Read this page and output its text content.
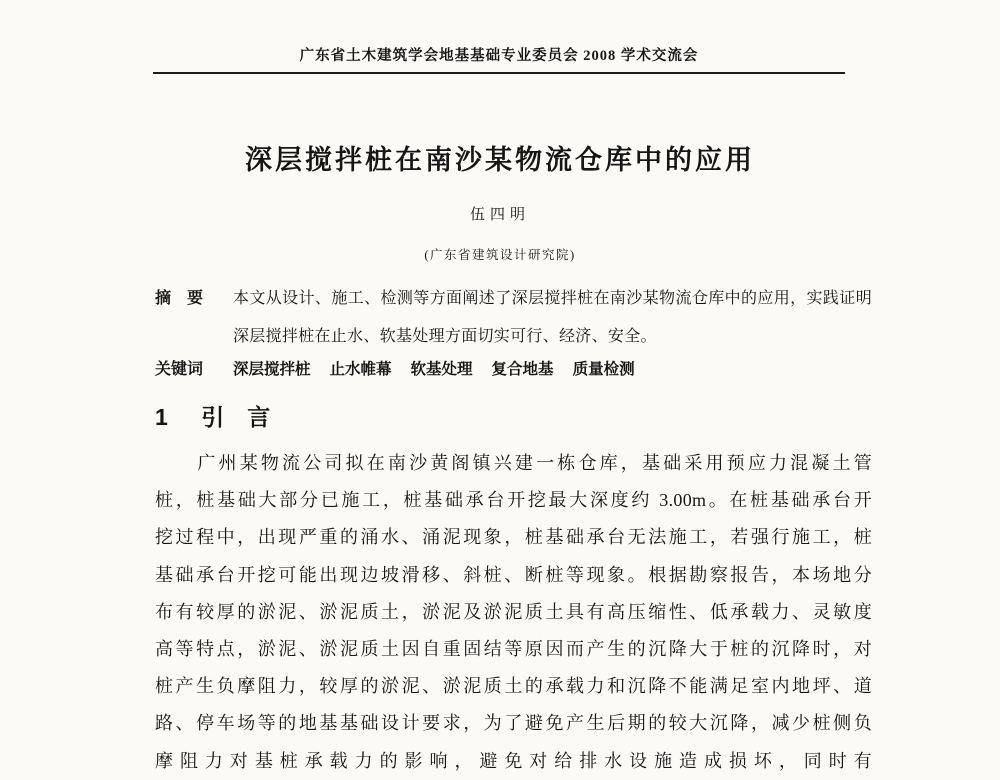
广东省土木建筑学会地基基础专业委员会 2008 学术交流会
深层搅拌桩在南沙某物流仓库中的应用
伍四明
(广东省建筑设计研究院)
摘　要	本文从设计、施工、检测等方面阐述了深层搅拌桩在南沙某物流仓库中的应用，实践证明深层搅拌桩在止水、软基处理方面切实可行、经济、安全。
关键词	深层搅拌桩 止水帷幕 软基处理 复合地基 质量检测
1 引　言
　　广州某物流公司拟在南沙黄阁镇兴建一栋仓库，基础采用预应力混凝土管
桩，桩基础大部分已施工，桩基础承台开挖最大深度约 3.00m。在桩基础承台开
挖过程中，出现严重的涌水、涌泥现象，桩基础承台无法施工，若强行施工，桩
基础承台开挖可能出现边坡滑移、斜桩、断桩等现象。根据勘察报告，本场地分
布有较厚的淤泥、淤泥质土，淤泥及淤泥质土具有高压缩性、低承载力、灵敏度
高等特点，淤泥、淤泥质土因自重固结等原因而产生的沉降大于桩的沉降时，对
桩产生负摩阻力，较厚的淤泥、淤泥质土的承载力和沉降不能满足室内地坪、道
路、停车场等的地基基础设计要求，为了避免产生后期的较大沉降，减少桩侧负
摩阻力对基桩承载力的影响，避免对给排水设施造成损坏，同时有
